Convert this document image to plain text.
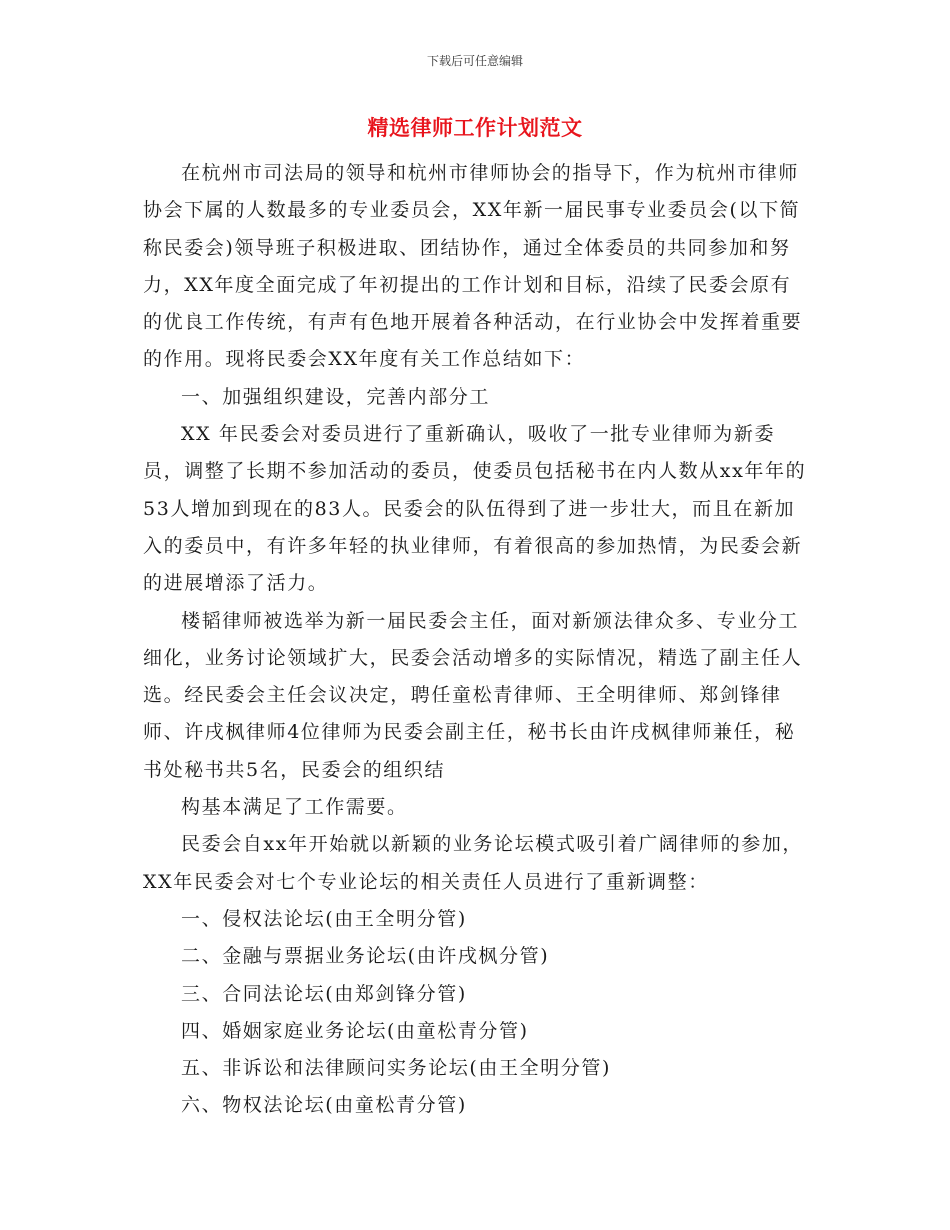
下载后可任意编辑
精选律师工作计划范文

在杭州市司法局的领导和杭州市律师协会的指导下，作为杭州市律师协会下属的人数最多的专业委员会，XX年新一届民事专业委员会(以下简称民委会)领导班子积极进取、团结协作，通过全体委员的共同参加和努力，XX年度全面完成了年初提出的工作计划和目标，沿续了民委会原有的优良工作传统，有声有色地开展着各种活动，在行业协会中发挥着重要的作用。现将民委会XX年度有关工作总结如下：

一、加强组织建设，完善内部分工

XX 年民委会对委员进行了重新确认，吸收了一批专业律师为新委员，调整了长期不参加活动的委员，使委员包括秘书在内人数从xx年年的53人增加到现在的83人。民委会的队伍得到了进一步壮大，而且在新加入的委员中，有许多年轻的执业律师，有着很高的参加热情，为民委会新的进展增添了活力。

楼韬律师被选举为新一届民委会主任，面对新颁法律众多、专业分工细化，业务讨论领域扩大，民委会活动增多的实际情况，精选了副主任人选。经民委会主任会议决定，聘任童松青律师、王全明律师、郑剑锋律师、许戌枫律师4位律师为民委会副主任，秘书长由许戌枫律师兼任，秘书处秘书共5名，民委会的组织结

构基本满足了工作需要。

民委会自xx年开始就以新颖的业务论坛模式吸引着广阔律师的参加，XX年民委会对七个专业论坛的相关责任人员进行了重新调整：

一、侵权法论坛(由王全明分管)

二、金融与票据业务论坛(由许戌枫分管)

三、合同法论坛(由郑剑锋分管)

四、婚姻家庭业务论坛(由童松青分管)

五、非诉讼和法律顾问实务论坛(由王全明分管)

六、物权法论坛(由童松青分管)
